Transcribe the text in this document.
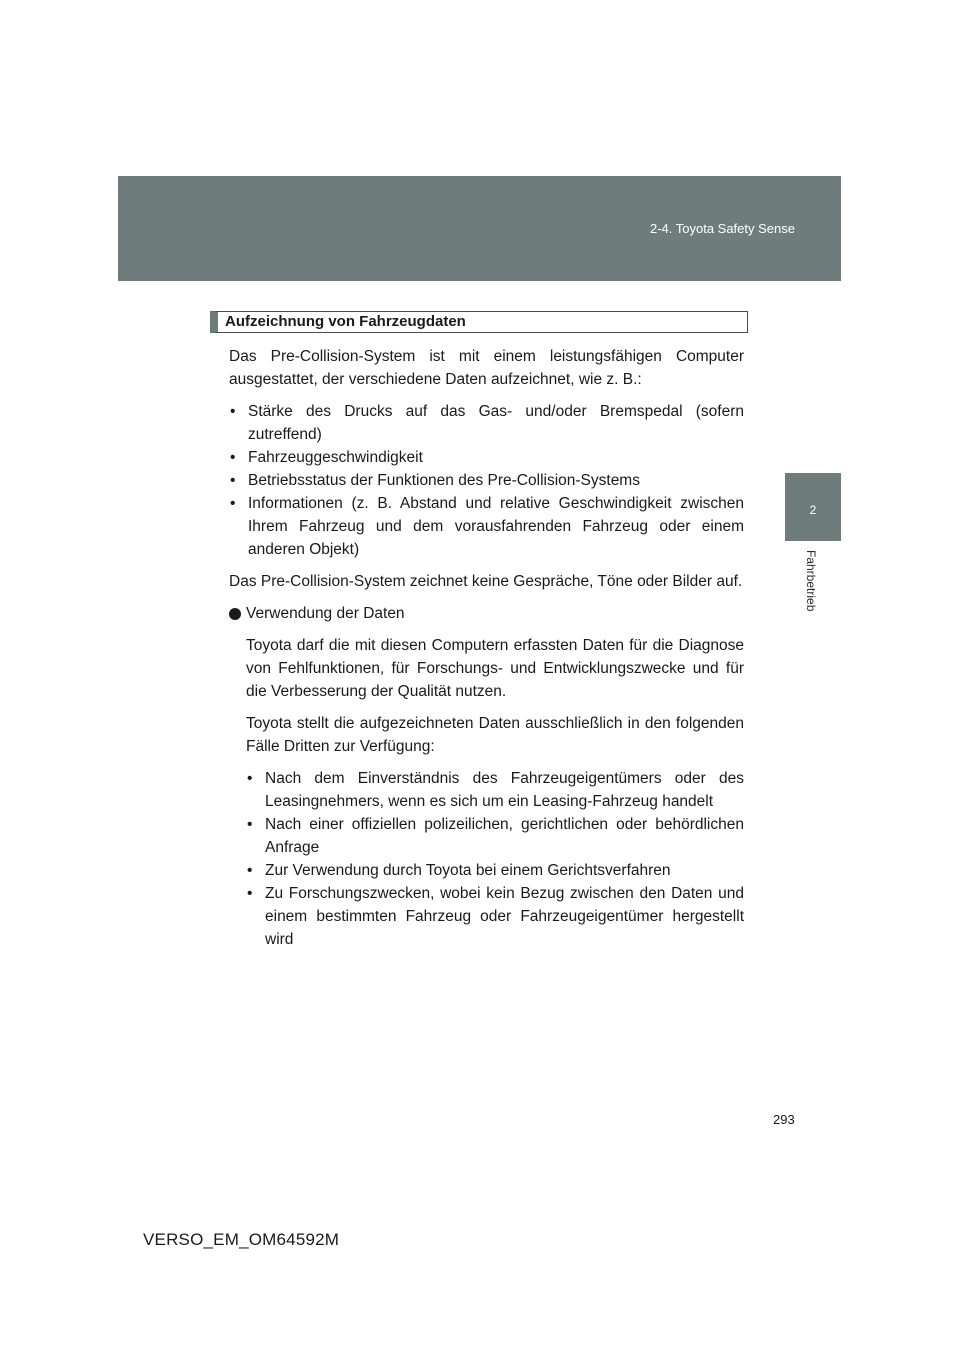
2-4. Toyota Safety Sense
2
Fahrbetrieb
Aufzeichnung von Fahrzeugdaten

Das Pre-Collision-System ist mit einem leistungsfähigen Computer ausgestattet, der verschiedene Daten aufzeichnet, wie z. B.:

• Stärke des Drucks auf das Gas- und/oder Bremspedal (sofern zutreffend)
• Fahrzeuggeschwindigkeit
• Betriebsstatus der Funktionen des Pre-Collision-Systems
• Informationen (z. B. Abstand und relative Geschwindigkeit zwischen Ihrem Fahrzeug und dem vorausfahrenden Fahrzeug oder einem anderen Objekt)

Das Pre-Collision-System zeichnet keine Gespräche, Töne oder Bilder auf.

Verwendung der Daten

Toyota darf die mit diesen Computern erfassten Daten für die Diagnose von Fehlfunktionen, für Forschungs- und Entwicklungszwecke und für die Verbesserung der Qualität nutzen.

Toyota stellt die aufgezeichneten Daten ausschließlich in den folgenden Fälle Dritten zur Verfügung:

• Nach dem Einverständnis des Fahrzeugeigentümers oder des Leasingnehmers, wenn es sich um ein Leasing-Fahrzeug handelt
• Nach einer offiziellen polizeilichen, gerichtlichen oder behördlichen Anfrage
• Zur Verwendung durch Toyota bei einem Gerichtsverfahren
• Zu Forschungszwecken, wobei kein Bezug zwischen den Daten und einem bestimmten Fahrzeug oder Fahrzeugeigentümer hergestellt wird
293
VERSO_EM_OM64592M
